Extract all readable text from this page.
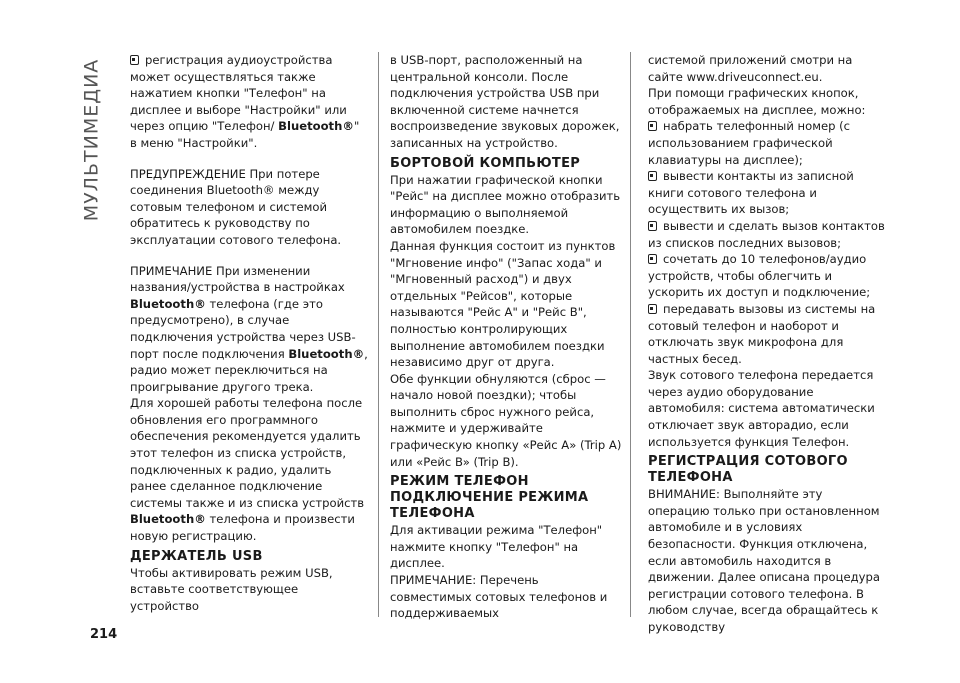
МУЛЬТИМЕДИА	регистрация аудиоустройства может осуществляться также нажатием кнопки "Телефон" на дисплее и выборе "Настройки" или через опцию "Телефон/ Bluetooth®" в меню "Настройки".

ПРЕДУПРЕЖДЕНИЕ При потере соединения Bluetooth® между сотовым телефоном и системой обратитесь к руководству по эксплуатации сотового телефона.

ПРИМЕЧАНИЕ При изменении названия/устройства в настройках Bluetooth® телефона (где это предусмотрено), в случае подключения устройства через USB-порт после подключения Bluetooth®, радио может переключиться на проигрывание другого трека.

Для хорошей работы телефона после обновления его программного обеспечения рекомендуется удалить этот телефон из списка устройств, подключенных к радио, удалить ранее сделанное подключение системы также и из списка устройств Bluetooth® телефона и произвести новую регистрацию.

ДЕРЖАТЕЛЬ USB

Чтобы активировать режим USB, вставьте соответствующее устройство

в USB-порт, расположенный на центральной консоли. После подключения устройства USB при включенной системе начнется воспроизведение звуковых дорожек, записанных на устройство.

БОРТОВОЙ КОМПЬЮТЕР

При нажатии графической кнопки "Рейс" на дисплее можно отобразить информацию о выполняемой автомобилем поездке.

Данная функция состоит из пунктов "Мгновение инфо" ("Запас хода" и "Мгновенный расход") и двух отдельных "Рейсов", которые называются "Рейс A" и "Рейс B", полностью контролирующих выполнение автомобилем поездки независимо друг от друга.

Обе функции обнуляются (сброс — начало новой поездки); чтобы выполнить сброс нужного рейса, нажмите и удерживайте графическую кнопку «Рейс A» (Trip A) или «Рейс B» (Trip B).

РЕЖИМ ТЕЛЕФОН ПОДКЛЮЧЕНИЕ РЕЖИМА ТЕЛЕФОНА

Для активации режима "Телефон" нажмите кнопку "Телефон" на дисплее.

ПРИМЕЧАНИЕ: Перечень совместимых сотовых телефонов и поддерживаемых

системой приложений смотри на сайте www.driveuconnect.eu.

При помощи графических кнопок, отображаемых на дисплее, можно:

набрать телефонный номер (с использованием графической клавиатуры на дисплее);

вывести контакты из записной книги сотового телефона и осуществить их вызов;

вывести и сделать вызов контактов из списков последних вызовов;

сочетать до 10 телефонов/аудио устройств, чтобы облегчить и ускорить их доступ и подключение;

передавать вызовы из системы на сотовый телефон и наоборот и отключать звук микрофона для частных бесед.

Звук сотового телефона передается через аудио оборудование автомобиля: система автоматически отключает звук авторадио, если используется функция Телефон.

РЕГИСТРАЦИЯ СОТОВОГО ТЕЛЕФОНА

ВНИМАНИЕ: Выполняйте эту операцию только при остановленном автомобиле и в условиях безопасности. Функция отключена, если автомобиль находится в движении. Далее описана процедура регистрации сотового телефона. В любом случае, всегда обращайтесь к руководству

214
